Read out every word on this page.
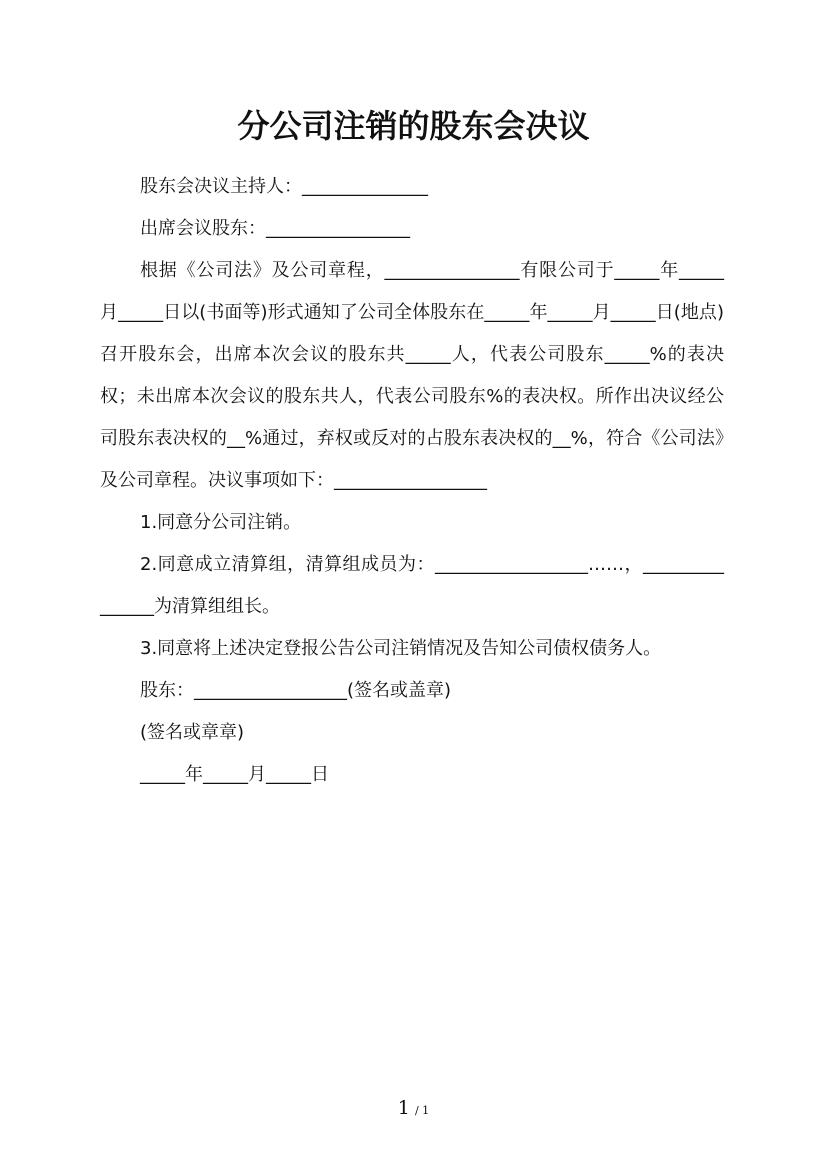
分公司注销的股东会决议

股东会决议主持人：______________

出席会议股东：________________

根据《公司法》及公司章程，_______________有限公司于_____年_____月_____日以(书面等)形式通知了公司全体股东在_____年_____月_____日(地点)召开股东会，出席本次会议的股东共_____人，代表公司股东_____%的表决权；未出席本次会议的股东共人，代表公司股东%的表决权。所作出决议经公司股东表决权的__%通过，弃权或反对的占股东表决权的__%，符合《公司法》及公司章程。决议事项如下：_________________

1.同意分公司注销。

2.同意成立清算组，清算组成员为：_________________……，_______________为清算组组长。

3.同意将上述决定登报公告公司注销情况及告知公司债权债务人。

股东：_________________(签名或盖章)

(签名或章章)

_____年_____月_____日

1 / 1
